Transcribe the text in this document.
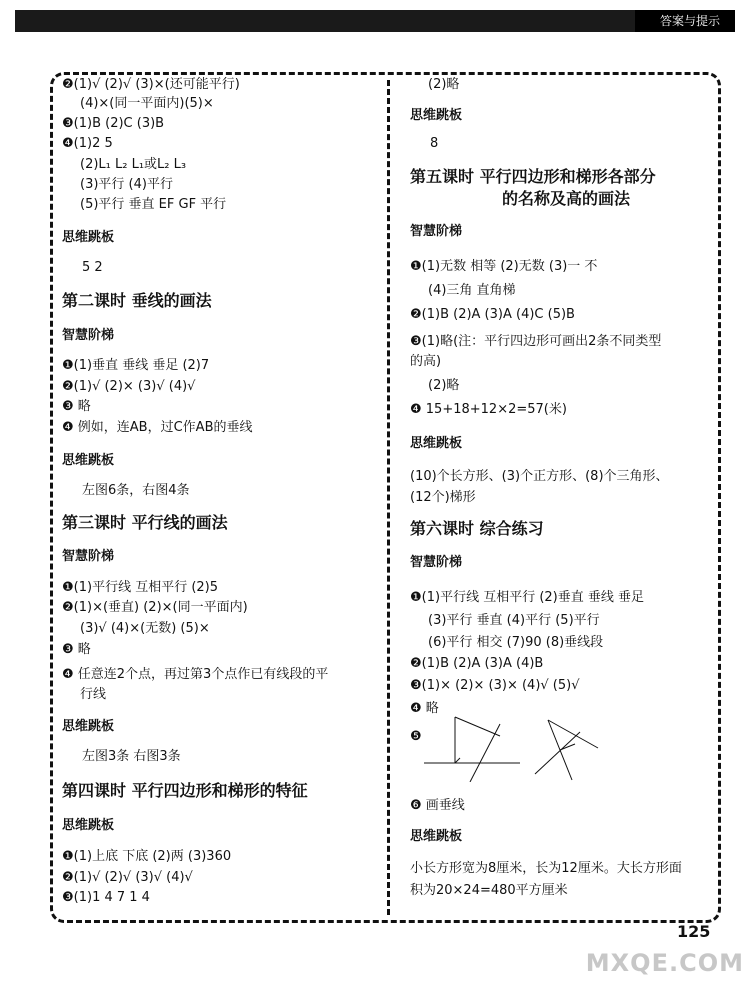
答案与提示
❷(1)√ (2)√ (3)×(还可能平行)
(4)×(同一平面内)(5)×
❸(1)B (2)C (3)B
❹(1)2 5
(2)L₁ L₂ L₁或L₂ L₃
(3)平行 (4)平行
(5)平行 垂直 EF GF 平行
思维跳板
5 2
第二课时 垂线的画法
智慧阶梯
❶(1)垂直 垂线 垂足 (2)7
❷(1)√ (2)× (3)√ (4)√
❸ 略
❹ 例如，连AB，过C作AB的垂线
思维跳板
左图6条，右图4条
第三课时 平行线的画法
智慧阶梯
❶(1)平行线 互相平行 (2)5
❷(1)×(垂直) (2)×(同一平面内)
(3)√ (4)×(无数) (5)×
❸ 略
❹ 任意连2个点，再过第3个点作已有线段的平
行线
思维跳板
左图3条 右图3条
第四课时 平行四边形和梯形的特征
思维跳板
❶(1)上底 下底 (2)两 (3)360
❷(1)√ (2)√ (3)√ (4)√
❸(1)1 4 7 1 4
(2)略
思维跳板
8
第五课时 平行四边形和梯形各部分
的名称及高的画法
智慧阶梯
❶(1)无数 相等 (2)无数 (3)一 不
(4)三角 直角梯
❷(1)B (2)A (3)A (4)C (5)B
❸(1)略(注：平行四边形可画出2条不同类型
的高)
(2)略
❹ 15+18+12×2=57(米)
思维跳板
(10)个长方形、(3)个正方形、(8)个三角形、
(12个)梯形
第六课时 综合练习
智慧阶梯
❶(1)平行线 互相平行 (2)垂直 垂线 垂足
(3)平行 垂直 (4)平行 (5)平行
(6)平行 相交 (7)90 (8)垂线段
❷(1)B (2)A (3)A (4)B
❸(1)× (2)× (3)× (4)√ (5)√
❹ 略
❺
❻ 画垂线
思维跳板
小长方形宽为8厘米，长为12厘米。大长方形面
积为20×24=480平方厘米
125
MXQE.COM
